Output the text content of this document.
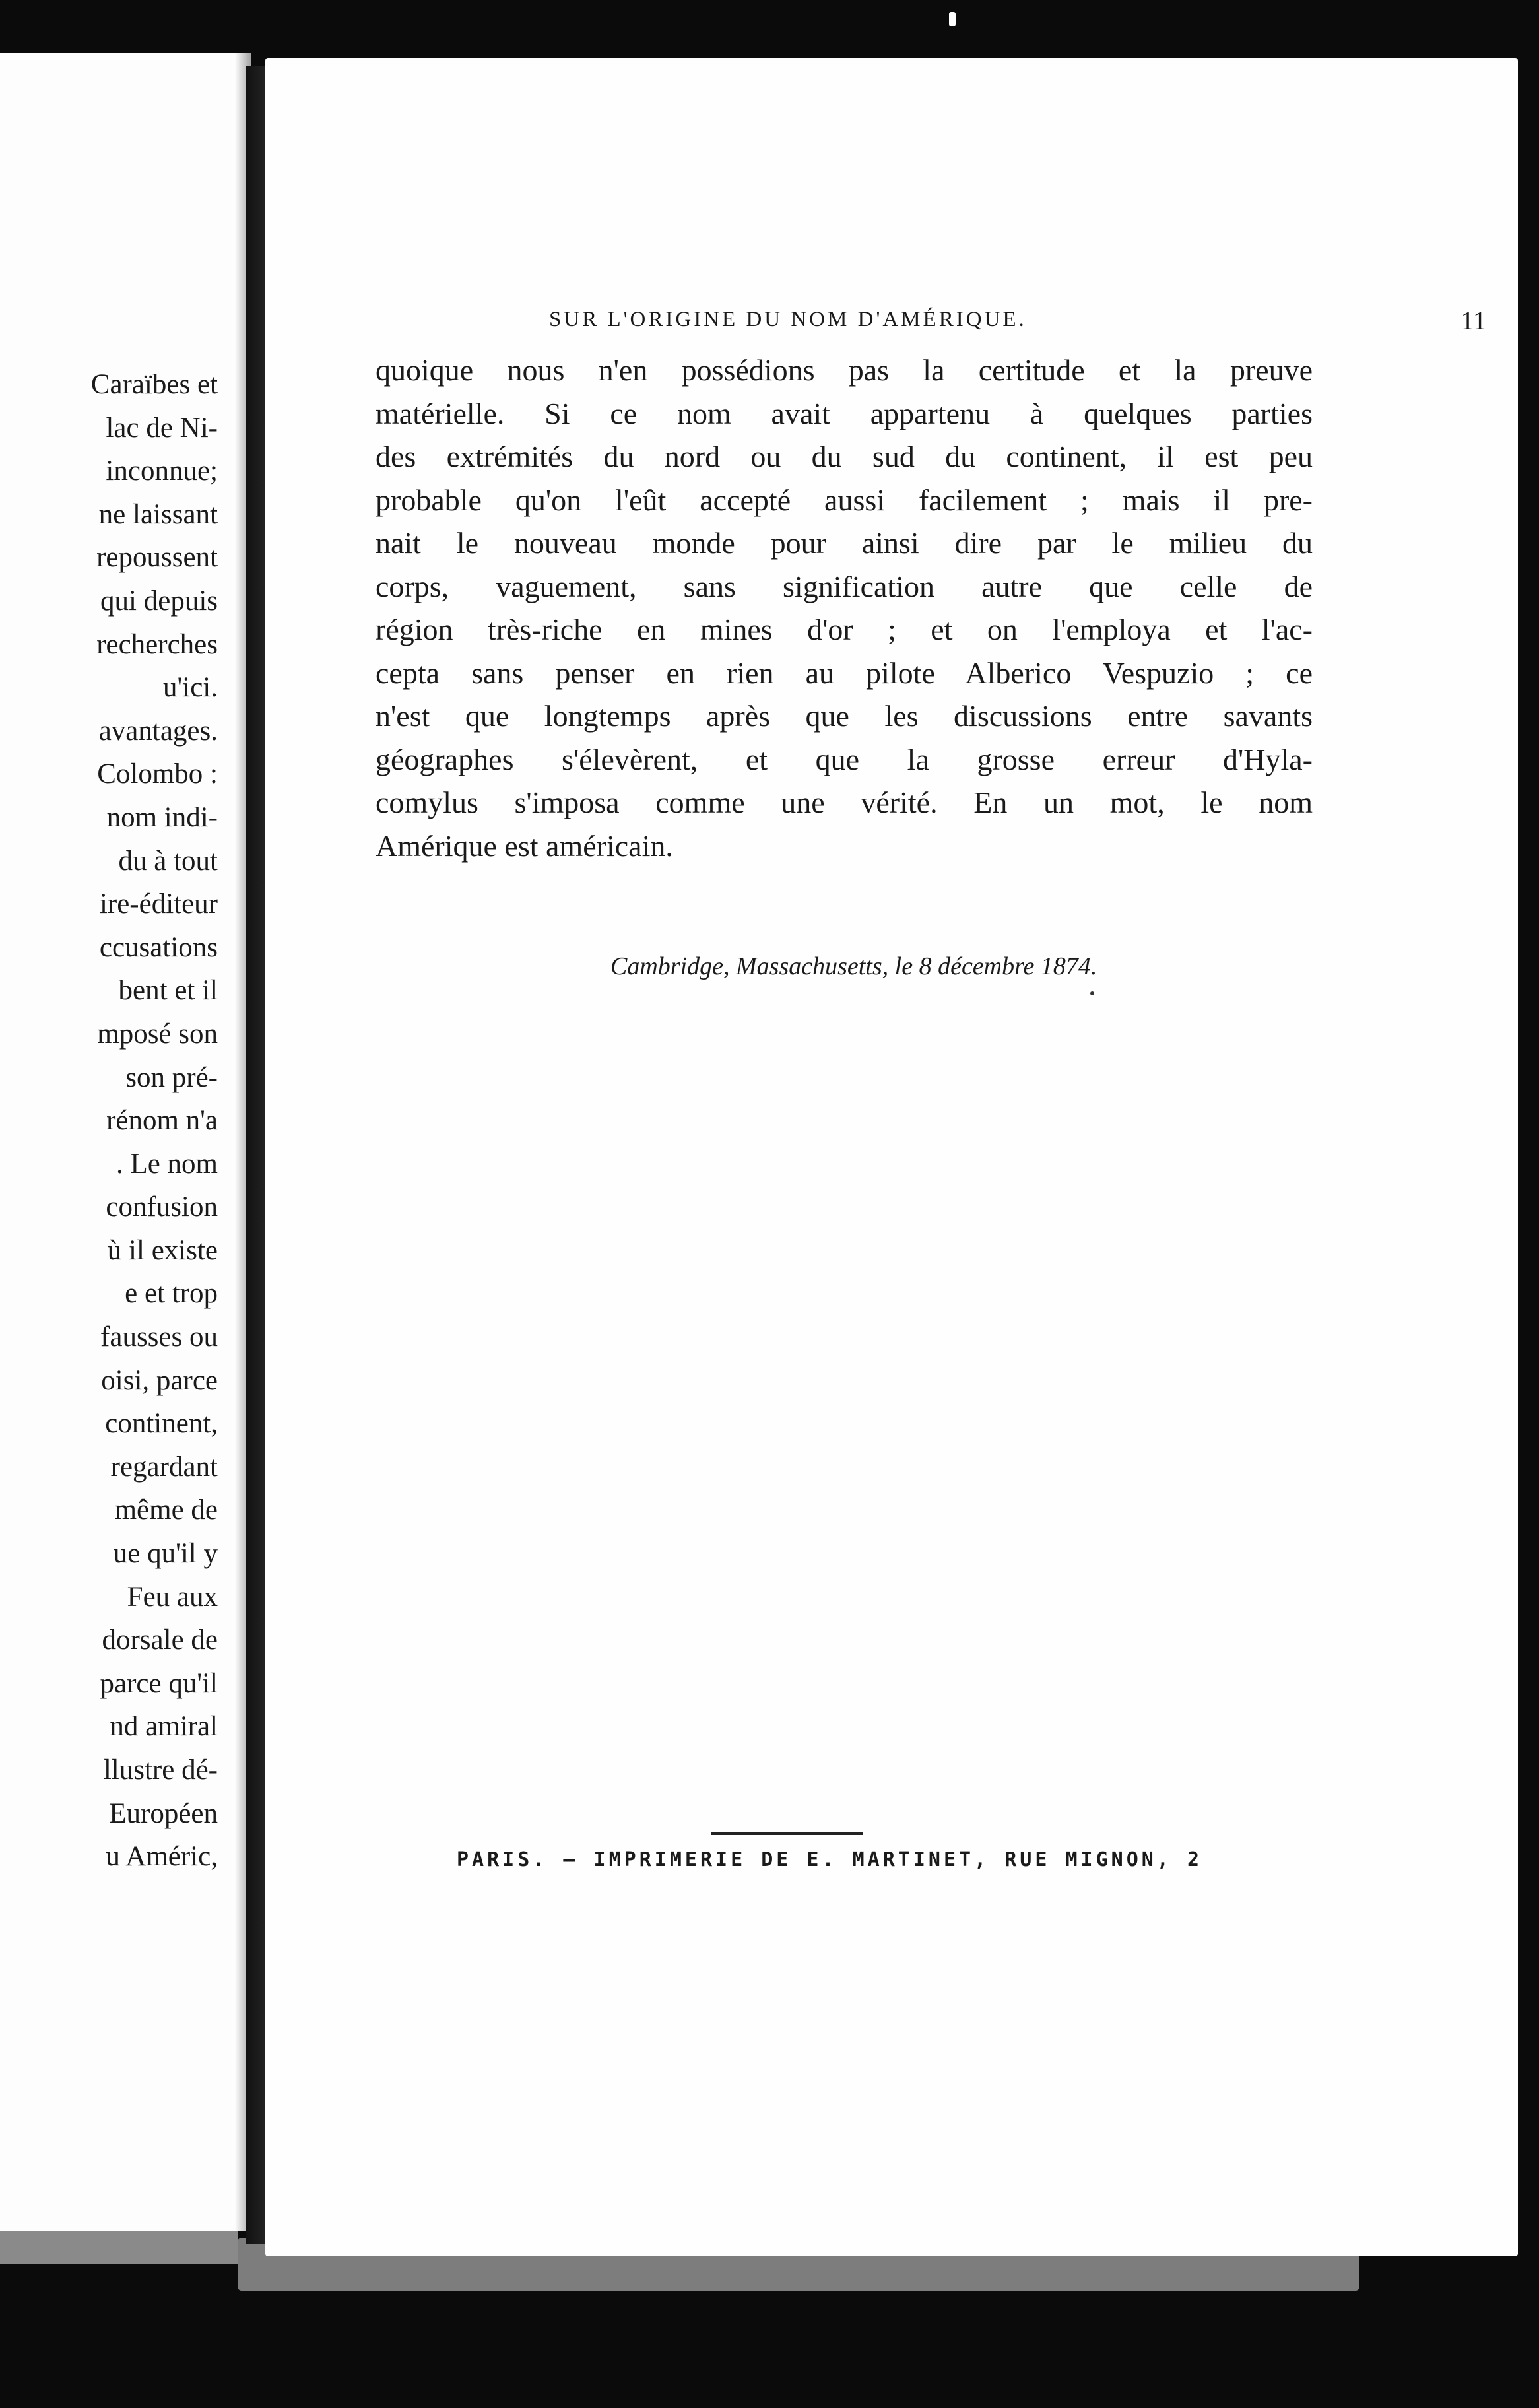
Caraïbes et
lac de Ni-
inconnue;
ne laissant
repoussent
qui depuis
recherches
u'ici.
avantages.
Colombo :
nom indi-
du à tout
ire-éditeur
ccusations
bent et il
mposé son
son pré-
rénom n'a
. Le nom
confusion
ù il existe
e et trop
fausses ou
oisi, parce
continent,
regardant
même de
ue qu'il y
Feu aux
dorsale de
parce qu'il
nd amiral
llustre dé-
Européen
u Améric,
SUR L'ORIGINE DU NOM D'AMÉRIQUE.	11
quoique nous n'en possédions pas la certitude et la preuve
matérielle. Si ce nom avait appartenu à quelques parties
des extrémités du nord ou du sud du continent, il est peu
probable qu'on l'eût accepté aussi facilement ; mais il pre-
nait le nouveau monde pour ainsi dire par le milieu du
corps, vaguement, sans signification autre que celle de
région très-riche en mines d'or ; et on l'employa et l'ac-
cepta sans penser en rien au pilote Alberico Vespuzio ; ce
n'est que longtemps après que les discussions entre savants
géographes s'élevèrent, et que la grosse erreur d'Hyla-
comylus s'imposa comme une vérité. En un mot, le nom
Amérique est américain.
Cambridge, Massachusetts, le 8 décembre 1874.
PARIS. — IMPRIMERIE DE E. MARTINET, RUE MIGNON, 2
